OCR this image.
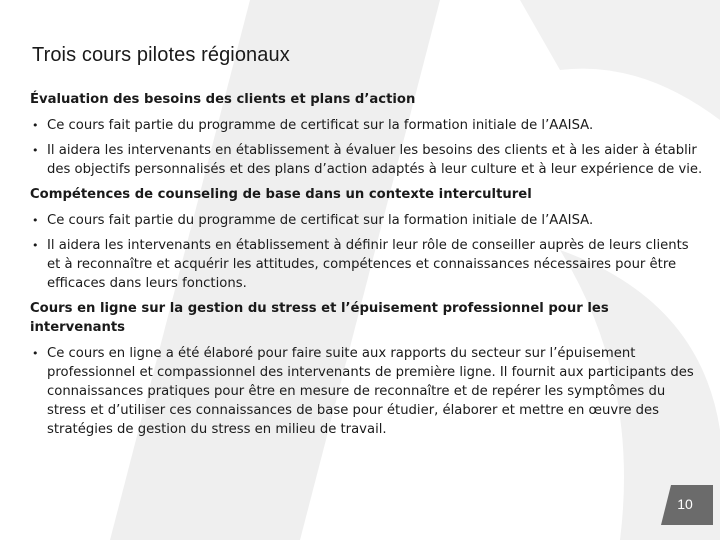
Trois cours pilotes régionaux

Évaluation des besoins des clients et plans d’action

• Ce cours fait partie du programme de certificat sur la formation initiale de l’AAISA.
• Il aidera les intervenants en établissement à évaluer les besoins des clients et à les aider à établir des objectifs personnalisés et des plans d’action adaptés à leur culture et à leur expérience de vie.

Compétences de counseling de base dans un contexte interculturel

• Ce cours fait partie du programme de certificat sur la formation initiale de l’AAISA.
• Il aidera les intervenants en établissement à définir leur rôle de conseiller auprès de leurs clients et à reconnaître et acquérir les attitudes, compétences et connaissances nécessaires pour être efficaces dans leurs fonctions.

Cours en ligne sur la gestion du stress et l’épuisement professionnel pour les intervenants

• Ce cours en ligne a été élaboré pour faire suite aux rapports du secteur sur l’épuisement professionnel et compassionnel des intervenants de première ligne. Il fournit aux participants des connaissances pratiques pour être en mesure de reconnaître et de repérer les symptômes du stress et d’utiliser ces connaissances de base pour étudier, élaborer et mettre en œuvre des stratégies de gestion du stress en milieu de travail.
10
